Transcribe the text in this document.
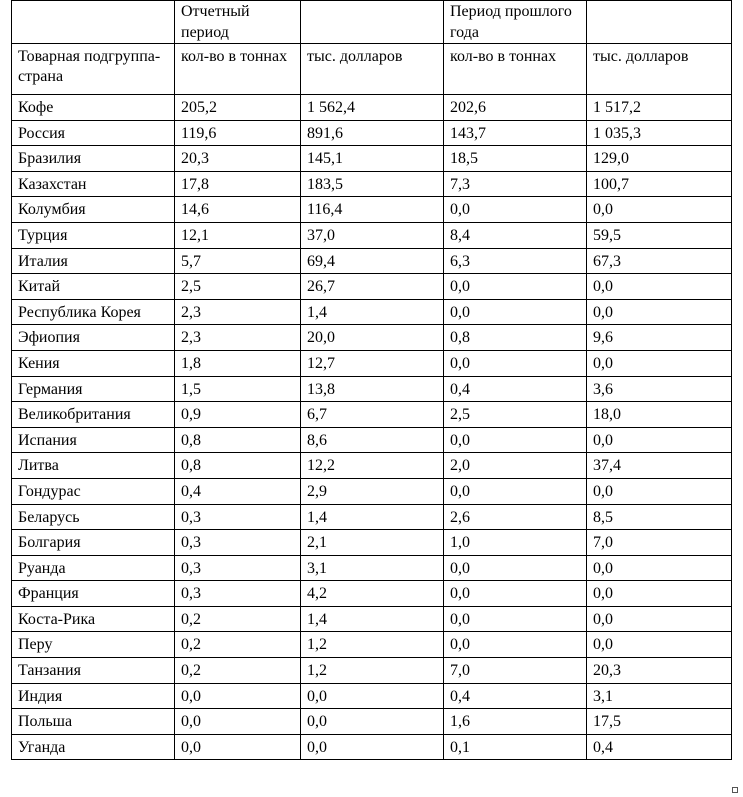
	Отчетный период		Период прошлого года	
Товарная подгруппа- страна	кол-во в тоннах	тыс. долларов	кол-во в тоннах	тыс. долларов
Кофе	205,2	1 562,4	202,6	1 517,2
Россия	119,6	891,6	143,7	1 035,3
Бразилия	20,3	145,1	18,5	129,0
Казахстан	17,8	183,5	7,3	100,7
Колумбия	14,6	116,4	0,0	0,0
Турция	12,1	37,0	8,4	59,5
Италия	5,7	69,4	6,3	67,3
Китай	2,5	26,7	0,0	0,0
Республика Корея	2,3	1,4	0,0	0,0
Эфиопия	2,3	20,0	0,8	9,6
Кения	1,8	12,7	0,0	0,0
Германия	1,5	13,8	0,4	3,6
Великобритания	0,9	6,7	2,5	18,0
Испания	0,8	8,6	0,0	0,0
Литва	0,8	12,2	2,0	37,4
Гондурас	0,4	2,9	0,0	0,0
Беларусь	0,3	1,4	2,6	8,5
Болгария	0,3	2,1	1,0	7,0
Руанда	0,3	3,1	0,0	0,0
Франция	0,3	4,2	0,0	0,0
Коста-Рика	0,2	1,4	0,0	0,0
Перу	0,2	1,2	0,0	0,0
Танзания	0,2	1,2	7,0	20,3
Индия	0,0	0,0	0,4	3,1
Польша	0,0	0,0	1,6	17,5
Уганда	0,0	0,0	0,1	0,4
